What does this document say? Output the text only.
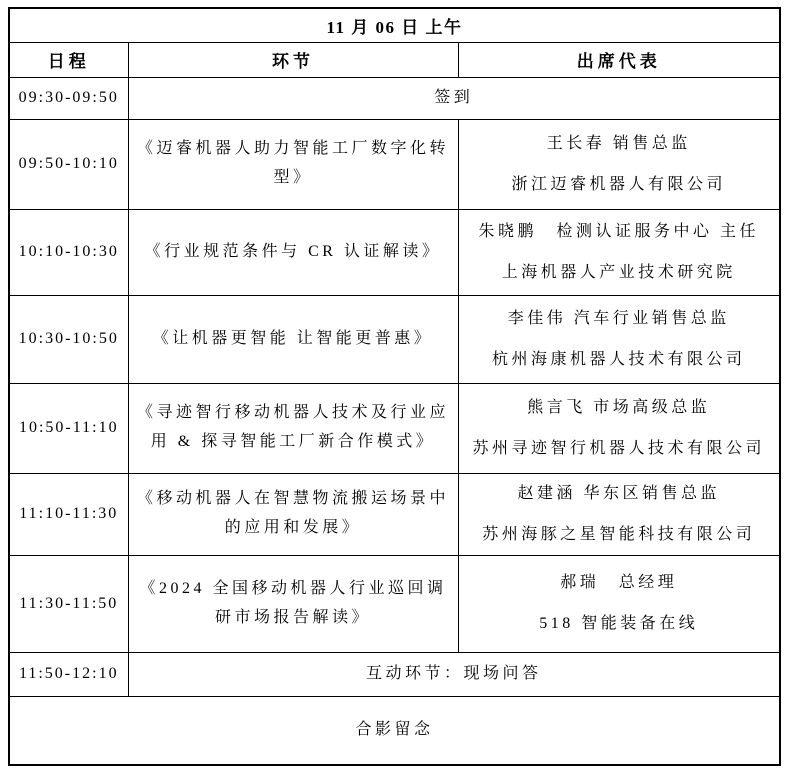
11 月 06 日 上午		
日程	环节	出席代表
09:30-09:50	签到	
09:50-10:10	《迈睿机器人助力智能工厂数字化转型》	王长春 销售总监
浙江迈睿机器人有限公司

10:10-10:30	《行业规范条件与 CR 认证解读》	朱晓鹏　检测认证服务中心 主任
上海机器人产业技术研究院

10:30-10:50	《让机器更智能 让智能更普惠》	李佳伟 汽车行业销售总监
杭州海康机器人技术有限公司

10:50-11:10	《寻迹智行移动机器人技术及行业应用 & 探寻智能工厂新合作模式》	熊言飞 市场高级总监
苏州寻迹智行机器人技术有限公司

11:10-11:30	《移动机器人在智慧物流搬运场景中的应用和发展》	赵建涵 华东区销售总监
苏州海豚之星智能科技有限公司

11:30-11:50	《2024 全国移动机器人行业巡回调研市场报告解读》	郝瑞　总经理
518 智能装备在线

11:50-12:10	互动环节：现场问答	
合影留念		
